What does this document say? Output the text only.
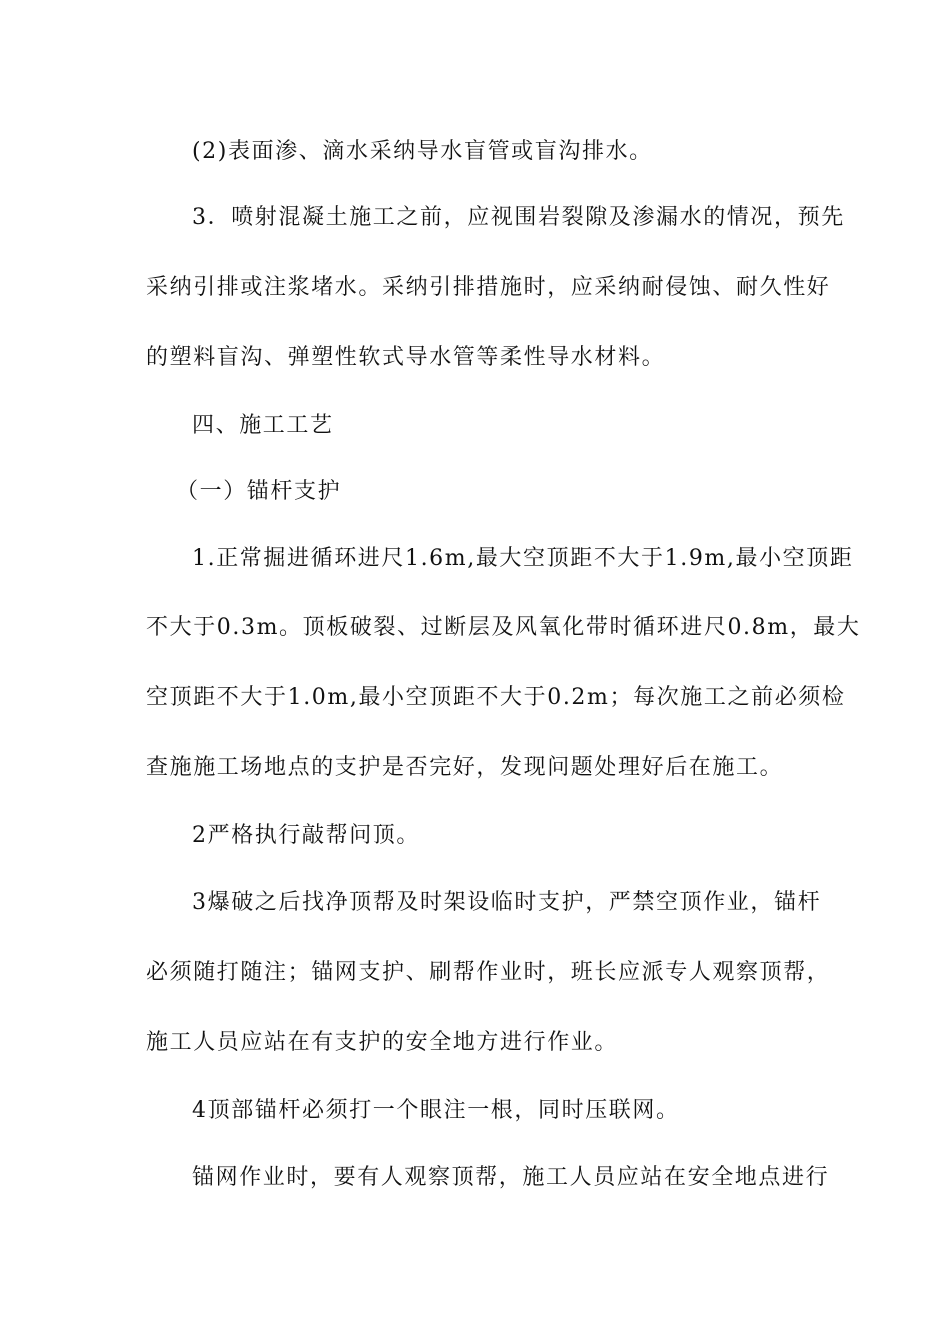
(2)表面渗、滴水采纳导水盲管或盲沟排水。
3．喷射混凝土施工之前，应视围岩裂隙及渗漏水的情况，预先
采纳引排或注浆堵水。采纳引排措施时，应采纳耐侵蚀、耐久性好
的塑料盲沟、弹塑性软式导水管等柔性导水材料。
四、施工工艺
（一）锚杆支护
1.正常掘进循环进尺1.6m,最大空顶距不大于1.9m,最小空顶距
不大于0.3m。顶板破裂、过断层及风氧化带时循环进尺0.8m，最大
空顶距不大于1.0m,最小空顶距不大于0.2m；每次施工之前必须检
查施施工场地点的支护是否完好，发现问题处理好后在施工。
2严格执行敲帮问顶。
3爆破之后找净顶帮及时架设临时支护，严禁空顶作业，锚杆
必须随打随注；锚网支护、刷帮作业时，班长应派专人观察顶帮，
施工人员应站在有支护的安全地方进行作业。
4顶部锚杆必须打一个眼注一根，同时压联网。
锚网作业时，要有人观察顶帮，施工人员应站在安全地点进行
